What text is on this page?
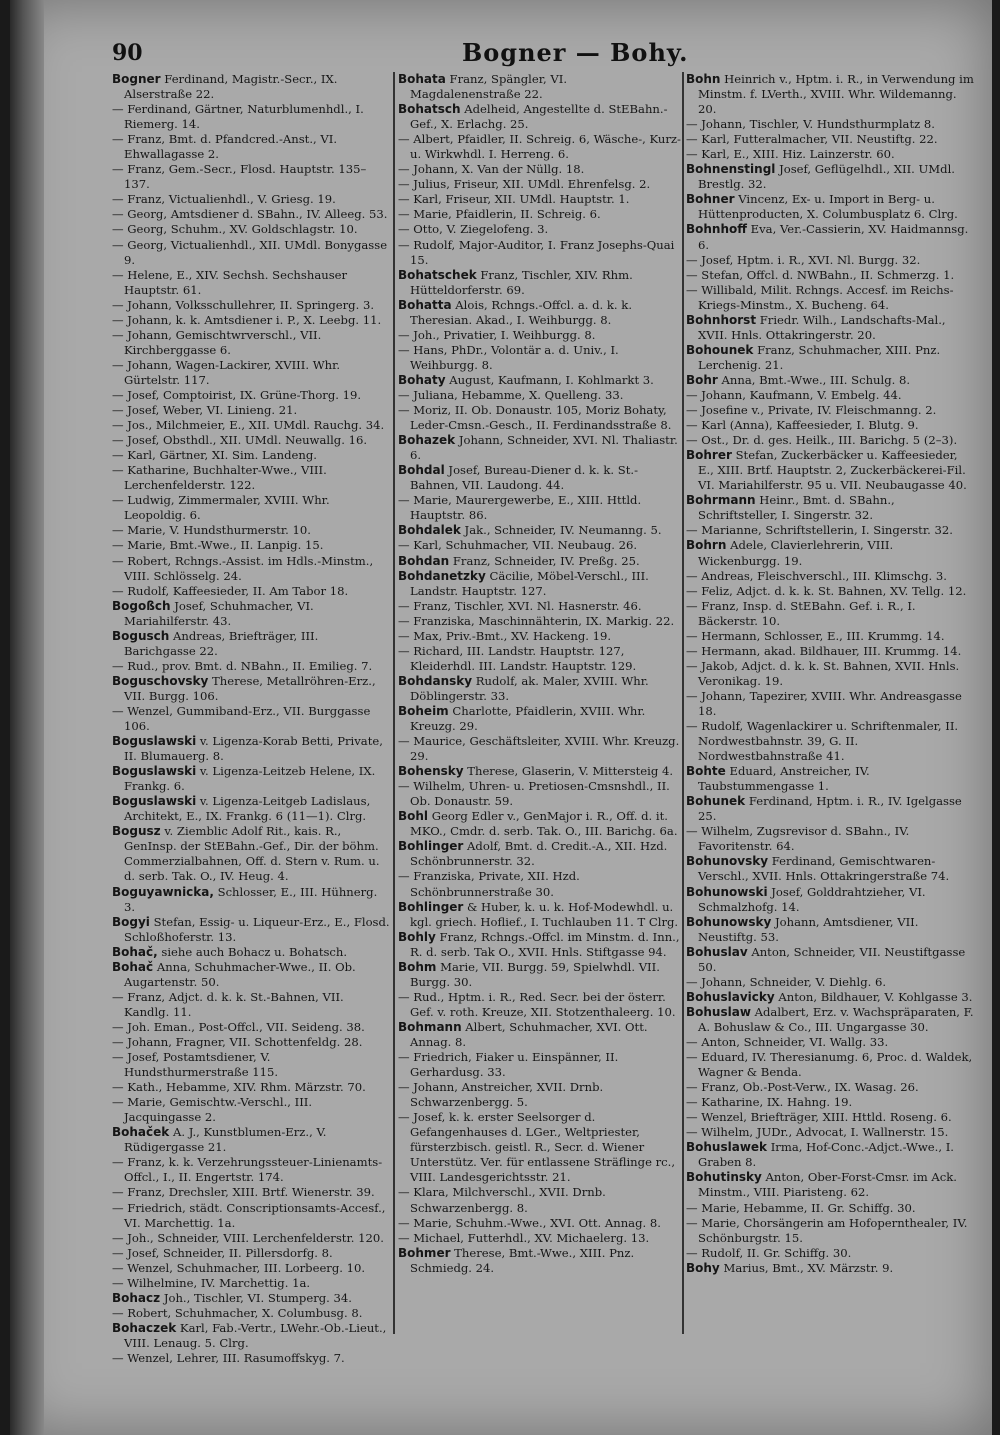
90	Bogner — Bohy.

Bogner Ferdinand, Magistr.-Secr., IX. Alserstraße 22.

— Ferdinand, Gärtner, Naturblumenhdl., I. Riemerg. 14.

— Franz, Bmt. d. Pfandcred.-Anst., VI. Ehwallagasse 2.

— Franz, Gem.-Secr., Flosd. Hauptstr. 135–137.

— Franz, Victualienhdl., V. Griesg. 19.

— Georg, Amtsdiener d. SBahn., IV. Alleeg. 53.

— Georg, Schuhm., XV. Goldschlagstr. 10.

— Georg, Victualienhdl., XII. UMdl. Bonygasse 9.

— Helene, E., XIV. Sechsh. Sechshauser Hauptstr. 61.

— Johann, Volksschullehrer, II. Springerg. 3.

— Johann, k. k. Amtsdiener i. P., X. Leebg. 11.

— Johann, Gemischtwrverschl., VII. Kirchberggasse 6.

— Johann, Wagen-Lackirer, XVIII. Whr. Gürtelstr. 117.

— Josef, Comptoirist, IX. Grüne-Thorg. 19.

— Josef, Weber, VI. Linieng. 21.

— Jos., Milchmeier, E., XII. UMdl. Rauchg. 34.

— Josef, Obsthdl., XII. UMdl. Neuwallg. 16.

— Karl, Gärtner, XI. Sim. Landeng.

— Katharine, Buchhalter-Wwe., VIII. Lerchenfelderstr. 122.

— Ludwig, Zimmermaler, XVIII. Whr. Leopoldig. 6.

— Marie, V. Hundsthurmerstr. 10.

— Marie, Bmt.-Wwe., II. Lanpig. 15.

— Robert, Rchngs.-Assist. im Hdls.-Minstm., VIII. Schlösselg. 24.

— Rudolf, Kaffeesieder, II. Am Tabor 18.

Bogoßch Josef, Schuhmacher, VI. Mariahilferstr. 43.

Bogusch Andreas, Briefträger, III. Barichgasse 22.

— Rud., prov. Bmt. d. NBahn., II. Emilieg. 7.

Boguschovsky Therese, Metallröhren-Erz., VII. Burgg. 106.

— Wenzel, Gummiband-Erz., VII. Burggasse 106.

Boguslawski v. Ligenza-Korab Betti, Private, II. Blumauerg. 8.

Boguslawski v. Ligenza-Leitzeb Helene, IX. Frankg. 6.

Boguslawski v. Ligenza-Leitgeb Ladislaus, Architekt, E., IX. Frankg. 6 (11—1). Clrg.

Bogusz v. Ziemblic Adolf Rit., kais. R., GenInsp. der StEBahn.-Gef., Dir. der böhm. Commerzialbahnen, Off. d. Stern v. Rum. u. d. serb. Tak. O., IV. Heug. 4.

Boguyawnicka, Schlosser, E., III. Hühnerg. 3.

Bogyi Stefan, Essig- u. Liqueur-Erz., E., Flosd. Schloßhoferstr. 13.

Bohač, siehe auch Bohacz u. Bohatsch.

Bohač Anna, Schuhmacher-Wwe., II. Ob. Augartenstr. 50.

— Franz, Adjct. d. k. k. St.-Bahnen, VII. Kandlg. 11.

— Joh. Eman., Post-Offcl., VII. Seideng. 38.

— Johann, Fragner, VII. Schottenfeldg. 28.

— Josef, Postamtsdiener, V. Hundsthurmerstraße 115.

— Kath., Hebamme, XIV. Rhm. Märzstr. 70.

— Marie, Gemischtw.-Verschl., III. Jacquingasse 2.

Bohaček A. J., Kunstblumen-Erz., V. Rüdigergasse 21.

— Franz, k. k. Verzehrungssteuer-Linienamts-Offcl., I., II. Engertstr. 174.

— Franz, Drechsler, XIII. Brtf. Wienerstr. 39.

— Friedrich, städt. Conscriptionsamts-Accesf., VI. Marchettig. 1a.

— Joh., Schneider, VIII. Lerchenfelderstr. 120.

— Josef, Schneider, II. Pillersdorfg. 8.

— Wenzel, Schuhmacher, III. Lorbeerg. 10.

— Wilhelmine, IV. Marchettig. 1a.

Bohacz Joh., Tischler, VI. Stumperg. 34.

— Robert, Schuhmacher, X. Columbusg. 8.

Bohaczek Karl, Fab.-Vertr., LWehr.-Ob.-Lieut., VIII. Lenaug. 5. Clrg.

— Wenzel, Lehrer, III. Rasumoffskyg. 7.

Bohata Franz, Spängler, VI. Magdalenenstraße 22.

Bohatsch Adelheid, Angestellte d. StEBahn.-Gef., X. Erlachg. 25.

— Albert, Pfaidler, II. Schreig. 6, Wäsche-, Kurz- u. Wirkwhdl. I. Herreng. 6.

— Johann, X. Van der Nüllg. 18.

— Julius, Friseur, XII. UMdl. Ehrenfelsg. 2.

— Karl, Friseur, XII. UMdl. Hauptstr. 1.

— Marie, Pfaidlerin, II. Schreig. 6.

— Otto, V. Ziegelofeng. 3.

— Rudolf, Major-Auditor, I. Franz Josephs-Quai 15.

Bohatschek Franz, Tischler, XIV. Rhm. Hütteldorferstr. 69.

Bohatta Alois, Rchngs.-Offcl. a. d. k. k. Theresian. Akad., I. Weihburgg. 8.

— Joh., Privatier, I. Weihburgg. 8.

— Hans, PhDr., Volontär a. d. Univ., I. Weihburgg. 8.

Bohaty August, Kaufmann, I. Kohlmarkt 3.

— Juliana, Hebamme, X. Quelleng. 33.

— Moriz, II. Ob. Donaustr. 105, Moriz Bohaty, Leder-Cmsn.-Gesch., II. Ferdinandsstraße 8.

Bohazek Johann, Schneider, XVI. Nl. Thaliastr. 6.

Bohdal Josef, Bureau-Diener d. k. k. St.-Bahnen, VII. Laudong. 44.

— Marie, Maurergewerbe, E., XIII. Httld. Hauptstr. 86.

Bohdalek Jak., Schneider, IV. Neumanng. 5.

— Karl, Schuhmacher, VII. Neubaug. 26.

Bohdan Franz, Schneider, IV. Preßg. 25.

Bohdanetzky Cäcilie, Möbel-Verschl., III. Landstr. Hauptstr. 127.

— Franz, Tischler, XVI. Nl. Hasnerstr. 46.

— Franziska, Maschinnähterin, IX. Markig. 22.

— Max, Priv.-Bmt., XV. Hackeng. 19.

— Richard, III. Landstr. Hauptstr. 127, Kleiderhdl. III. Landstr. Hauptstr. 129.

Bohdansky Rudolf, ak. Maler, XVIII. Whr. Döblingerstr. 33.

Boheim Charlotte, Pfaidlerin, XVIII. Whr. Kreuzg. 29.

— Maurice, Geschäftsleiter, XVIII. Whr. Kreuzg. 29.

Bohensky Therese, Glaserin, V. Mittersteig 4.

— Wilhelm, Uhren- u. Pretiosen-Cmsnshdl., II. Ob. Donaustr. 59.

Bohl Georg Edler v., GenMajor i. R., Off. d. it. MKO., Cmdr. d. serb. Tak. O., III. Barichg. 6a.

Bohlinger Adolf, Bmt. d. Credit.-A., XII. Hzd. Schönbrunnerstr. 32.

— Franziska, Private, XII. Hzd. Schönbrunnerstraße 30.

Bohlinger & Huber, k. u. k. Hof-Modewhdl. u. kgl. griech. Hoflief., I. Tuchlauben 11. T Clrg.

Bohly Franz, Rchngs.-Offcl. im Minstm. d. Inn., R. d. serb. Tak O., XVII. Hnls. Stiftgasse 94.

Bohm Marie, VII. Burgg. 59, Spielwhdl. VII. Burgg. 30.

— Rud., Hptm. i. R., Red. Secr. bei der österr. Gef. v. roth. Kreuze, XII. Stotzenthaleerg. 10.

Bohmann Albert, Schuhmacher, XVI. Ott. Annag. 8.

— Friedrich, Fiaker u. Einspänner, II. Gerhardusg. 33.

— Johann, Anstreicher, XVII. Drnb. Schwarzenbergg. 5.

— Josef, k. k. erster Seelsorger d. Gefangenhauses d. LGer., Weltpriester, fürsterzbisch. geistl. R., Secr. d. Wiener Unterstütz. Ver. für entlassene Sträflinge rc., VIII. Landesgerichtsstr. 21.

— Klara, Milchverschl., XVII. Drnb. Schwarzenbergg. 8.

— Marie, Schuhm.-Wwe., XVI. Ott. Annag. 8.

— Michael, Futterhdl., XV. Michaelerg. 13.

Bohmer Therese, Bmt.-Wwe., XIII. Pnz. Schmiedg. 24.

Bohn Heinrich v., Hptm. i. R., in Verwendung im Minstm. f. LVerth., XVIII. Whr. Wildemanng. 20.

— Johann, Tischler, V. Hundsthurmplatz 8.

— Karl, Futteralmacher, VII. Neustiftg. 22.

— Karl, E., XIII. Hiz. Lainzerstr. 60.

Bohnenstingl Josef, Geflügelhdl., XII. UMdl. Brestlg. 32.

Bohner Vincenz, Ex- u. Import in Berg- u. Hüttenproducten, X. Columbusplatz 6. Clrg.

Bohnhoff Eva, Ver.-Cassierin, XV. Haidmannsg. 6.

— Josef, Hptm. i. R., XVI. Nl. Burgg. 32.

— Stefan, Offcl. d. NWBahn., II. Schmerzg. 1.

— Willibald, Milit. Rchngs. Accesf. im Reichs-Kriegs-Minstm., X. Bucheng. 64.

Bohnhorst Friedr. Wilh., Landschafts-Mal., XVII. Hnls. Ottakringerstr. 20.

Bohounek Franz, Schuhmacher, XIII. Pnz. Lerchenig. 21.

Bohr Anna, Bmt.-Wwe., III. Schulg. 8.

— Johann, Kaufmann, V. Embelg. 44.

— Josefine v., Private, IV. Fleischmanng. 2.

— Karl (Anna), Kaffeesieder, I. Blutg. 9.

— Ost., Dr. d. ges. Heilk., III. Barichg. 5 (2–3).

Bohrer Stefan, Zuckerbäcker u. Kaffeesieder, E., XIII. Brtf. Hauptstr. 2, Zuckerbäckerei-Fil. VI. Mariahilferstr. 95 u. VII. Neubaugasse 40.

Bohrmann Heinr., Bmt. d. SBahn., Schriftsteller, I. Singerstr. 32.

— Marianne, Schriftstellerin, I. Singerstr. 32.

Bohrn Adele, Clavierlehrerin, VIII. Wickenburgg. 19.

— Andreas, Fleischverschl., III. Klimschg. 3.

— Feliz, Adjct. d. k. k. St. Bahnen, XV. Tellg. 12.

— Franz, Insp. d. StEBahn. Gef. i. R., I. Bäckerstr. 10.

— Hermann, Schlosser, E., III. Krummg. 14.

— Hermann, akad. Bildhauer, III. Krummg. 14.

— Jakob, Adjct. d. k. k. St. Bahnen, XVII. Hnls. Veronikag. 19.

— Johann, Tapezirer, XVIII. Whr. Andreasgasse 18.

— Rudolf, Wagenlackirer u. Schriftenmaler, II. Nordwestbahnstr. 39, G. II. Nordwestbahnstraße 41.

Bohte Eduard, Anstreicher, IV. Taubstummengasse 1.

Bohunek Ferdinand, Hptm. i. R., IV. Igelgasse 25.

— Wilhelm, Zugsrevisor d. SBahn., IV. Favoritenstr. 64.

Bohunovsky Ferdinand, Gemischtwaren-Verschl., XVII. Hnls. Ottakringerstraße 74.

Bohunowski Josef, Golddrahtzieher, VI. Schmalzhofg. 14.

Bohunowsky Johann, Amtsdiener, VII. Neustiftg. 53.

Bohuslav Anton, Schneider, VII. Neustiftgasse 50.

— Johann, Schneider, V. Diehlg. 6.

Bohuslavicky Anton, Bildhauer, V. Kohlgasse 3.

Bohuslaw Adalbert, Erz. v. Wachspräparaten, F. A. Bohuslaw & Co., III. Ungargasse 30.

— Anton, Schneider, VI. Wallg. 33.

— Eduard, IV. Theresianumg. 6, Proc. d. Waldek, Wagner & Benda.

— Franz, Ob.-Post-Verw., IX. Wasag. 26.

— Katharine, IX. Hahng. 19.

— Wenzel, Briefträger, XIII. Httld. Roseng. 6.

— Wilhelm, JUDr., Advocat, I. Wallnerstr. 15.

Bohuslawek Irma, Hof-Conc.-Adjct.-Wwe., I. Graben 8.

Bohutinsky Anton, Ober-Forst-Cmsr. im Ack. Minstm., VIII. Piaristeng. 62.

— Marie, Hebamme, II. Gr. Schiffg. 30.

— Marie, Chorsängerin am Hofopernthealer, IV. Schönburgstr. 15.

— Rudolf, II. Gr. Schiffg. 30.

Bohy Marius, Bmt., XV. Märzstr. 9.
